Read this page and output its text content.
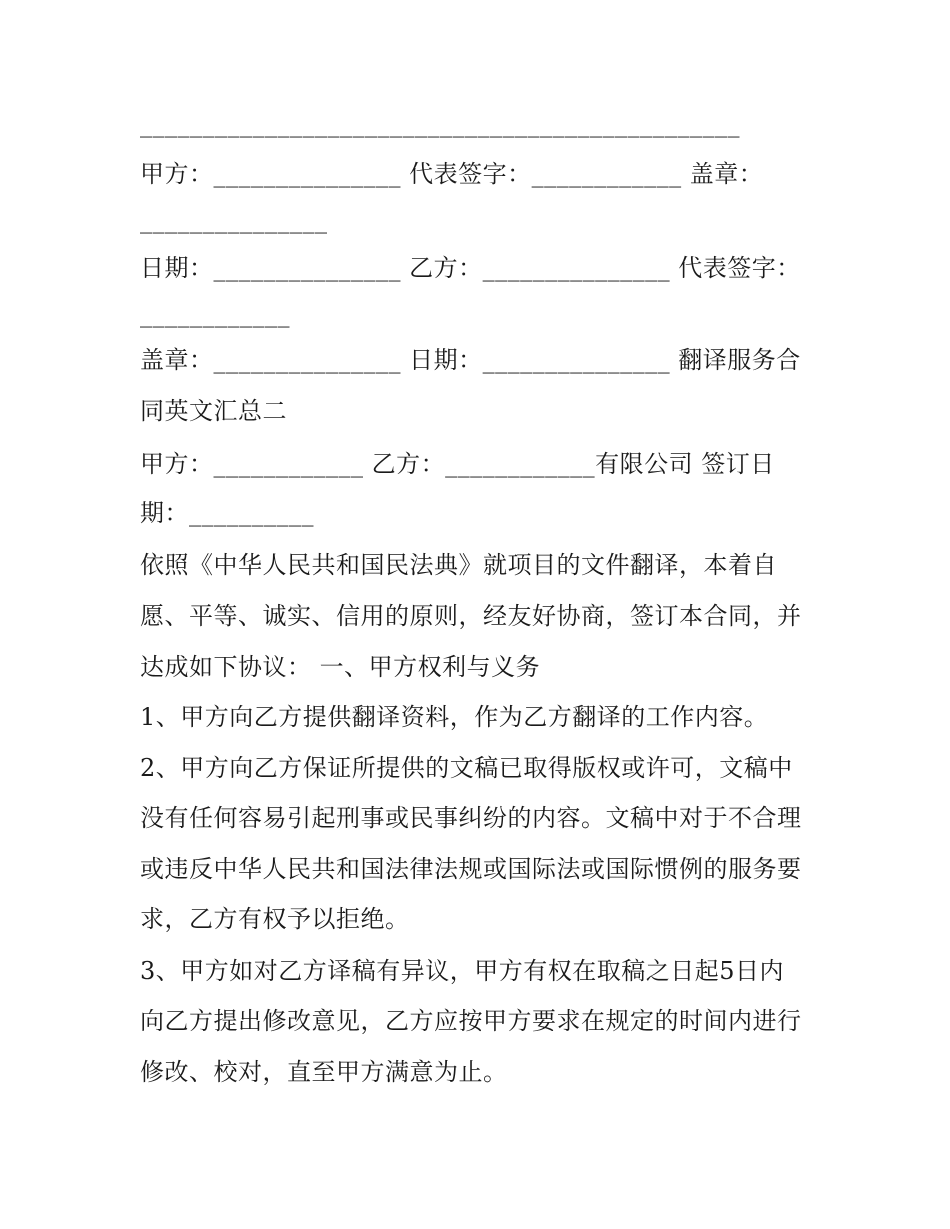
________________________________________________
甲方：_______________ 代表签字：____________ 盖章：
_______________
日期：_______________ 乙方：_______________ 代表签字：
____________
盖章：_______________ 日期：_______________ 翻译服务合
同英文汇总二
甲方：____________ 乙方：____________有限公司 签订日
期：__________
依照《中华人民共和国民法典》就项目的文件翻译，本着自
愿、平等、诚实、信用的原则，经友好协商，签订本合同，并
达成如下协议： 一、甲方权利与义务
1、甲方向乙方提供翻译资料，作为乙方翻译的工作内容。
2、甲方向乙方保证所提供的文稿已取得版权或许可，文稿中
没有任何容易引起刑事或民事纠纷的内容。文稿中对于不合理
或违反中华人民共和国法律法规或国际法或国际惯例的服务要
求，乙方有权予以拒绝。
3、甲方如对乙方译稿有异议，甲方有权在取稿之日起5日内
向乙方提出修改意见，乙方应按甲方要求在规定的时间内进行
修改、校对，直至甲方满意为止。
